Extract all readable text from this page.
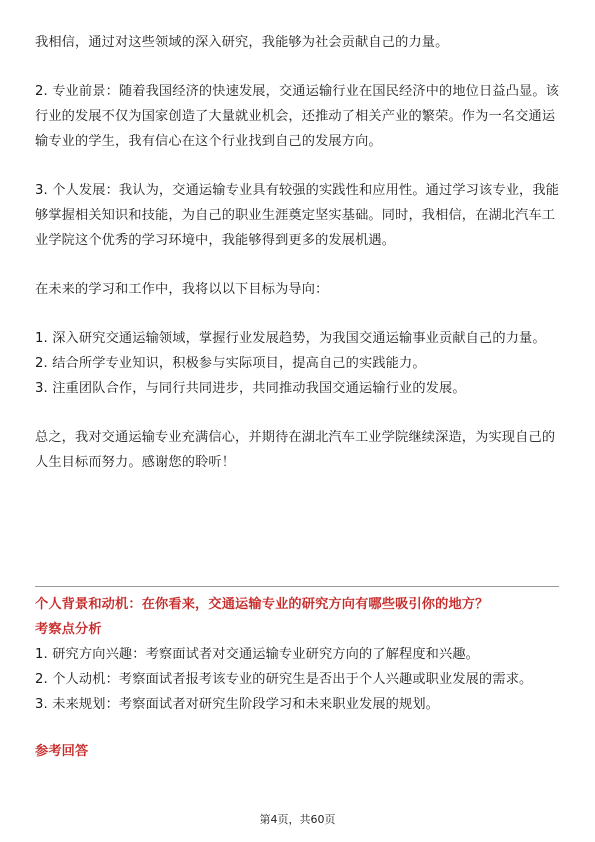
我相信，通过对这些领域的深入研究，我能够为社会贡献自己的力量。

2. 专业前景：随着我国经济的快速发展，交通运输行业在国民经济中的地位日益凸显。该行业的发展不仅为国家创造了大量就业机会，还推动了相关产业的繁荣。作为一名交通运输专业的学生，我有信心在这个行业找到自己的发展方向。

3. 个人发展：我认为，交通运输专业具有较强的实践性和应用性。通过学习该专业，我能够掌握相关知识和技能，为自己的职业生涯奠定坚实基础。同时，我相信，在湖北汽车工业学院这个优秀的学习环境中，我能够得到更多的发展机遇。

在未来的学习和工作中，我将以以下目标为导向：

1. 深入研究交通运输领域，掌握行业发展趋势，为我国交通运输事业贡献自己的力量。

2. 结合所学专业知识，积极参与实际项目，提高自己的实践能力。

3. 注重团队合作，与同行共同进步，共同推动我国交通运输行业的发展。

总之，我对交通运输专业充满信心，并期待在湖北汽车工业学院继续深造，为实现自己的人生目标而努力。感谢您的聆听！

个人背景和动机：在你看来，交通运输专业的研究方向有哪些吸引你的地方？

考察点分析

1. 研究方向兴趣：考察面试者对交通运输专业研究方向的了解程度和兴趣。

2. 个人动机：考察面试者报考该专业的研究生是否出于个人兴趣或职业发展的需求。

3. 未来规划：考察面试者对研究生阶段学习和未来职业发展的规划。

参考回答

第4页，共60页
